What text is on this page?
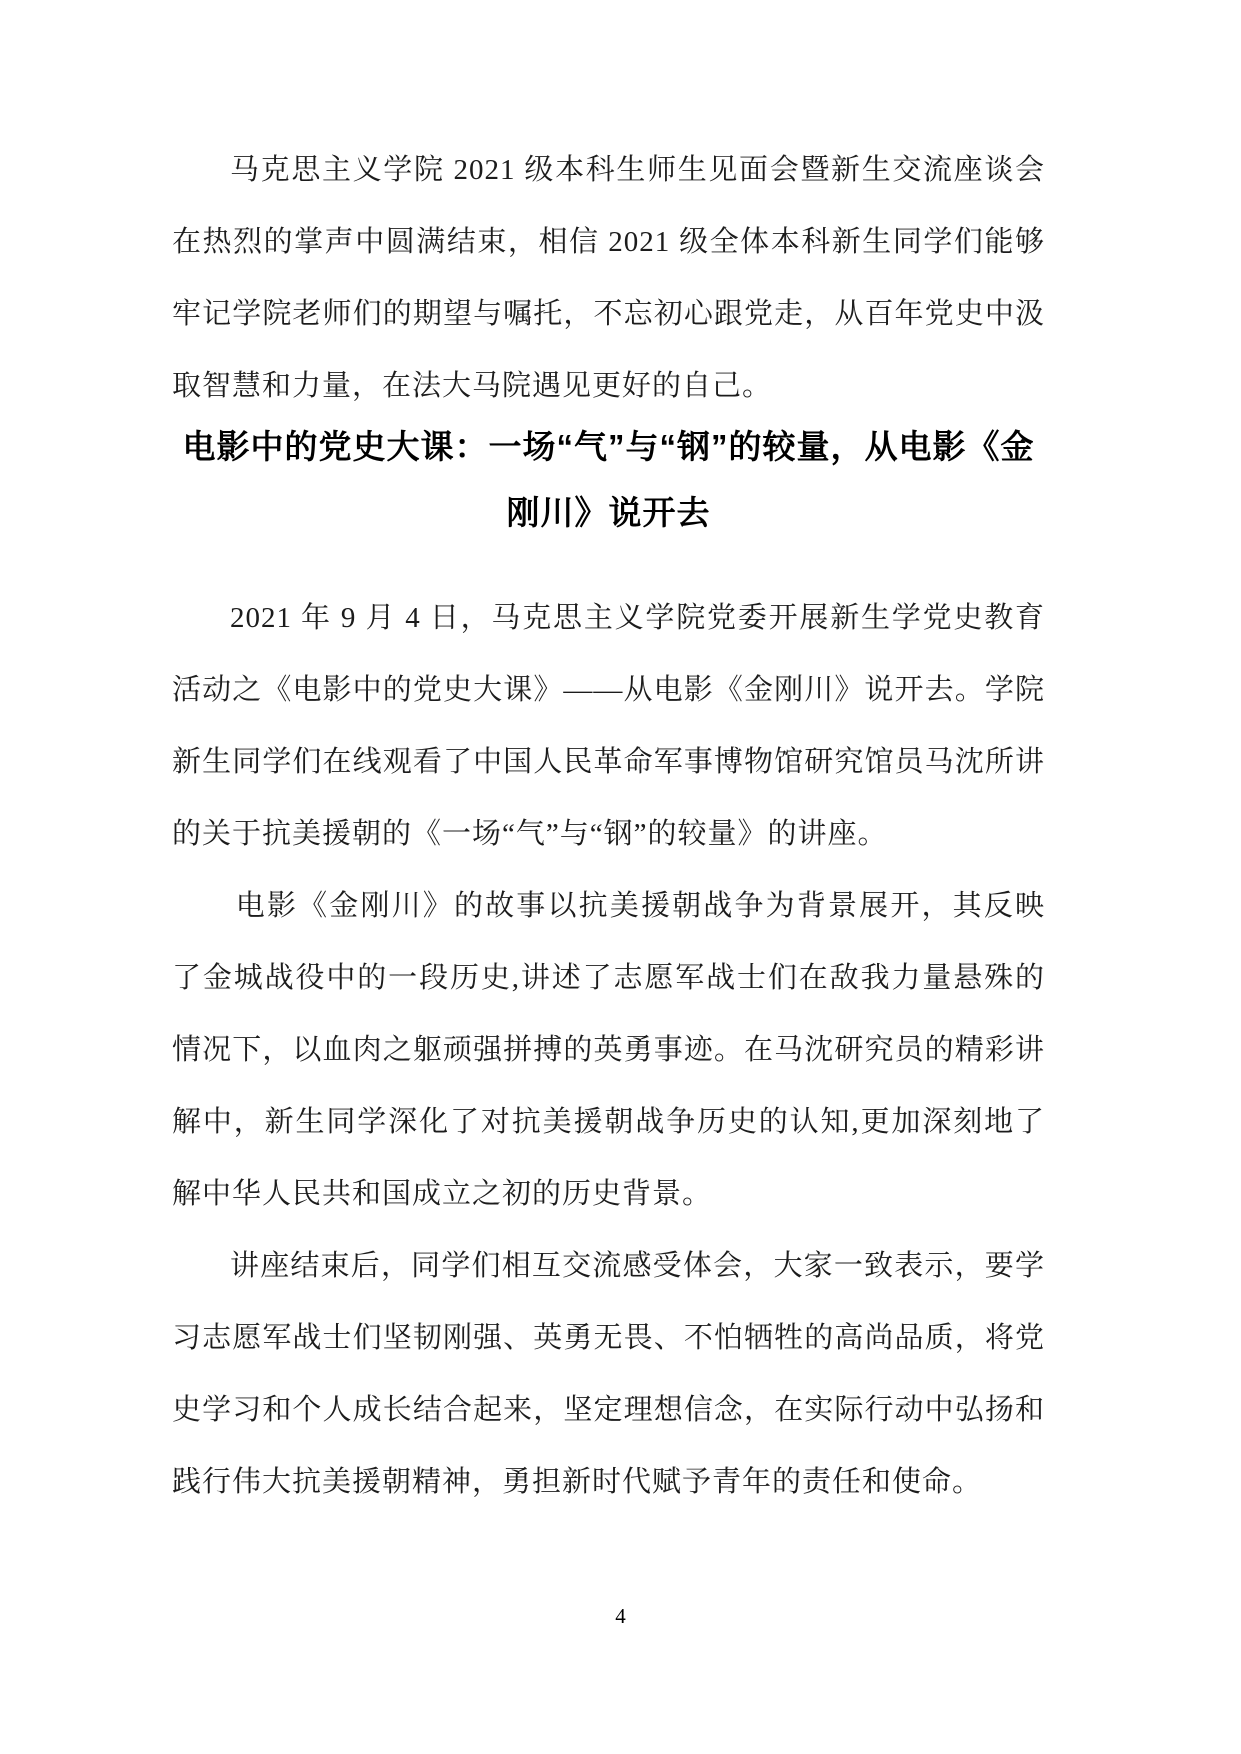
马克思主义学院 2021 级本科生师生见面会暨新生交流座谈会在热烈的掌声中圆满结束，相信 2021 级全体本科新生同学们能够牢记学院老师们的期望与嘱托，不忘初心跟党走，从百年党史中汲取智慧和力量，在法大马院遇见更好的自己。

电影中的党史大课：一场“气”与“钢”的较量，从电影《金刚川》说开去

2021 年 9 月 4 日，马克思主义学院党委开展新生学党史教育活动之《电影中的党史大课》——从电影《金刚川》说开去。学院新生同学们在线观看了中国人民革命军事博物馆研究馆员马沈所讲的关于抗美援朝的《一场“气”与“钢”的较量》的讲座。

电影《金刚川》的故事以抗美援朝战争为背景展开，其反映了金城战役中的一段历史,讲述了志愿军战士们在敌我力量悬殊的情况下，以血肉之躯顽强拼搏的英勇事迹。在马沈研究员的精彩讲解中，新生同学深化了对抗美援朝战争历史的认知,更加深刻地了解中华人民共和国成立之初的历史背景。

讲座结束后，同学们相互交流感受体会，大家一致表示，要学习志愿军战士们坚韧刚强、英勇无畏、不怕牺牲的高尚品质，将党史学习和个人成长结合起来，坚定理想信念，在实际行动中弘扬和践行伟大抗美援朝精神，勇担新时代赋予青年的责任和使命。

4
